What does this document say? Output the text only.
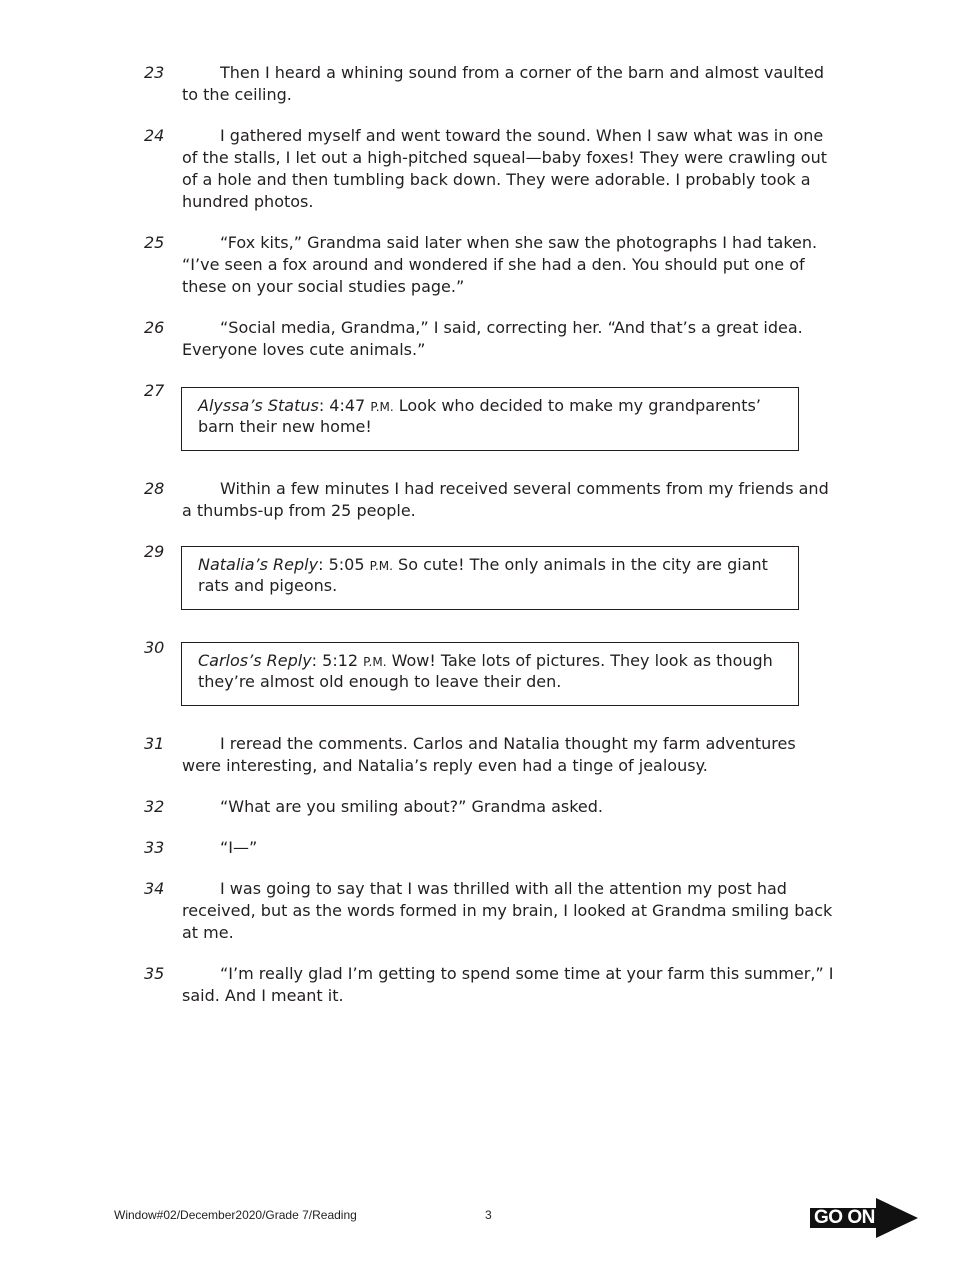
23	Then I heard a whining sound from a corner of the barn and almost vaulted to the ceiling.

24	I gathered myself and went toward the sound. When I saw what was in one of the stalls, I let out a high-pitched squeal—baby foxes! They were crawling out of a hole and then tumbling back down. They were adorable. I probably took a hundred photos.

25	“Fox kits,” Grandma said later when she saw the photographs I had taken. “I’ve seen a fox around and wondered if she had a den. You should put one of these on your social studies page.”

26	“Social media, Grandma,” I said, correcting her. “And that’s a great idea. Everyone loves cute animals.”

27
Alyssa’s Status: 4:47 P.M. Look who decided to make my grandparents’ barn their new home!
28	Within a few minutes I had received several comments from my friends and a thumbs-up from 25 people.

29
Natalia’s Reply: 5:05 P.M. So cute! The only animals in the city are giant rats and pigeons.
30
Carlos’s Reply: 5:12 P.M. Wow! Take lots of pictures. They look as though they’re almost old enough to leave their den.
31	I reread the comments. Carlos and Natalia thought my farm adventures were interesting, and Natalia’s reply even had a tinge of jealousy.

32	“What are you smiling about?” Grandma asked.

33	“I—”

34	I was going to say that I was thrilled with all the attention my post had received, but as the words formed in my brain, I looked at Grandma smiling back at me.

35	“I’m really glad I’m getting to spend some time at your farm this summer,” I said. And I meant it.

Window#02/December2020/Grade 7/Reading	3	GO ON
